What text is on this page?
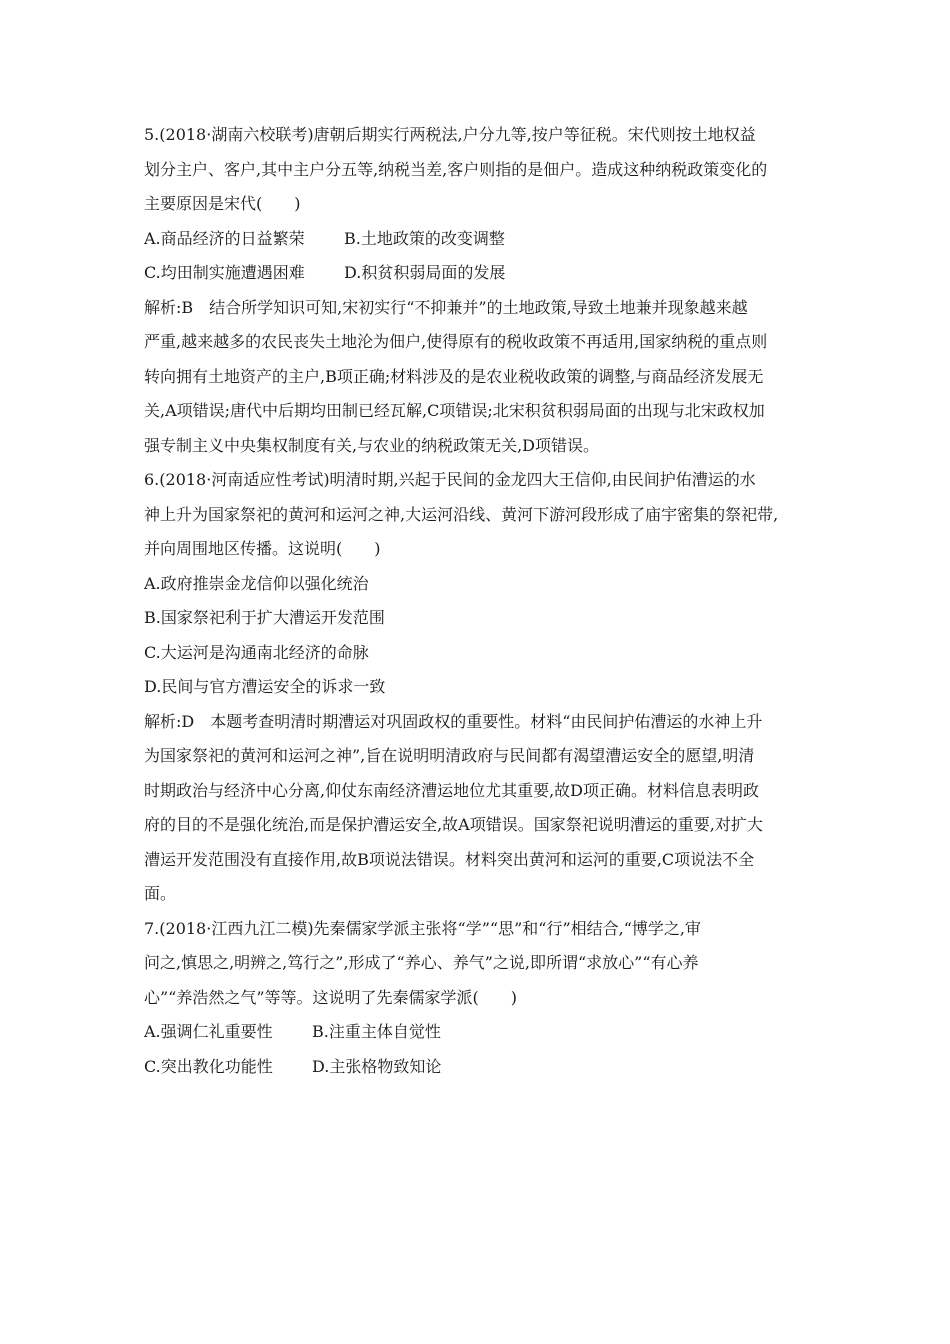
5.(2018·湖南六校联考)唐朝后期实行两税法,户分九等,按户等征税。宋代则按土地权益
划分主户、客户,其中主户分五等,纳税当差,客户则指的是佃户。造成这种纳税政策变化的
主要原因是宋代(　　)
A.商品经济的日益繁荣	B.土地政策的改变调整
C.均田制实施遭遇困难	D.积贫积弱局面的发展
解析:B　结合所学知识可知,宋初实行“不抑兼并”的土地政策,导致土地兼并现象越来越
严重,越来越多的农民丧失土地沦为佃户,使得原有的税收政策不再适用,国家纳税的重点则
转向拥有土地资产的主户,B项正确;材料涉及的是农业税收政策的调整,与商品经济发展无
关,A项错误;唐代中后期均田制已经瓦解,C项错误;北宋积贫积弱局面的出现与北宋政权加
强专制主义中央集权制度有关,与农业的纳税政策无关,D项错误。
6.(2018·河南适应性考试)明清时期,兴起于民间的金龙四大王信仰,由民间护佑漕运的水
神上升为国家祭祀的黄河和运河之神,大运河沿线、黄河下游河段形成了庙宇密集的祭祀带,
并向周围地区传播。这说明(　　)
A.政府推崇金龙信仰以强化统治
B.国家祭祀利于扩大漕运开发范围
C.大运河是沟通南北经济的命脉
D.民间与官方漕运安全的诉求一致
解析:D　本题考查明清时期漕运对巩固政权的重要性。材料“由民间护佑漕运的水神上升
为国家祭祀的黄河和运河之神”,旨在说明明清政府与民间都有渴望漕运安全的愿望,明清
时期政治与经济中心分离,仰仗东南经济漕运地位尤其重要,故D项正确。材料信息表明政
府的目的不是强化统治,而是保护漕运安全,故A项错误。国家祭祀说明漕运的重要,对扩大
漕运开发范围没有直接作用,故B项说法错误。材料突出黄河和运河的重要,C项说法不全
面。
7.(2018·江西九江二模)先秦儒家学派主张将“学”“思”和“行”相结合,“博学之,审
问之,慎思之,明辨之,笃行之”,形成了“养心、养气”之说,即所谓“求放心”“有心养
心”“养浩然之气”等等。这说明了先秦儒家学派(　　)
A.强调仁礼重要性	B.注重主体自觉性
C.突出教化功能性	D.主张格物致知论
